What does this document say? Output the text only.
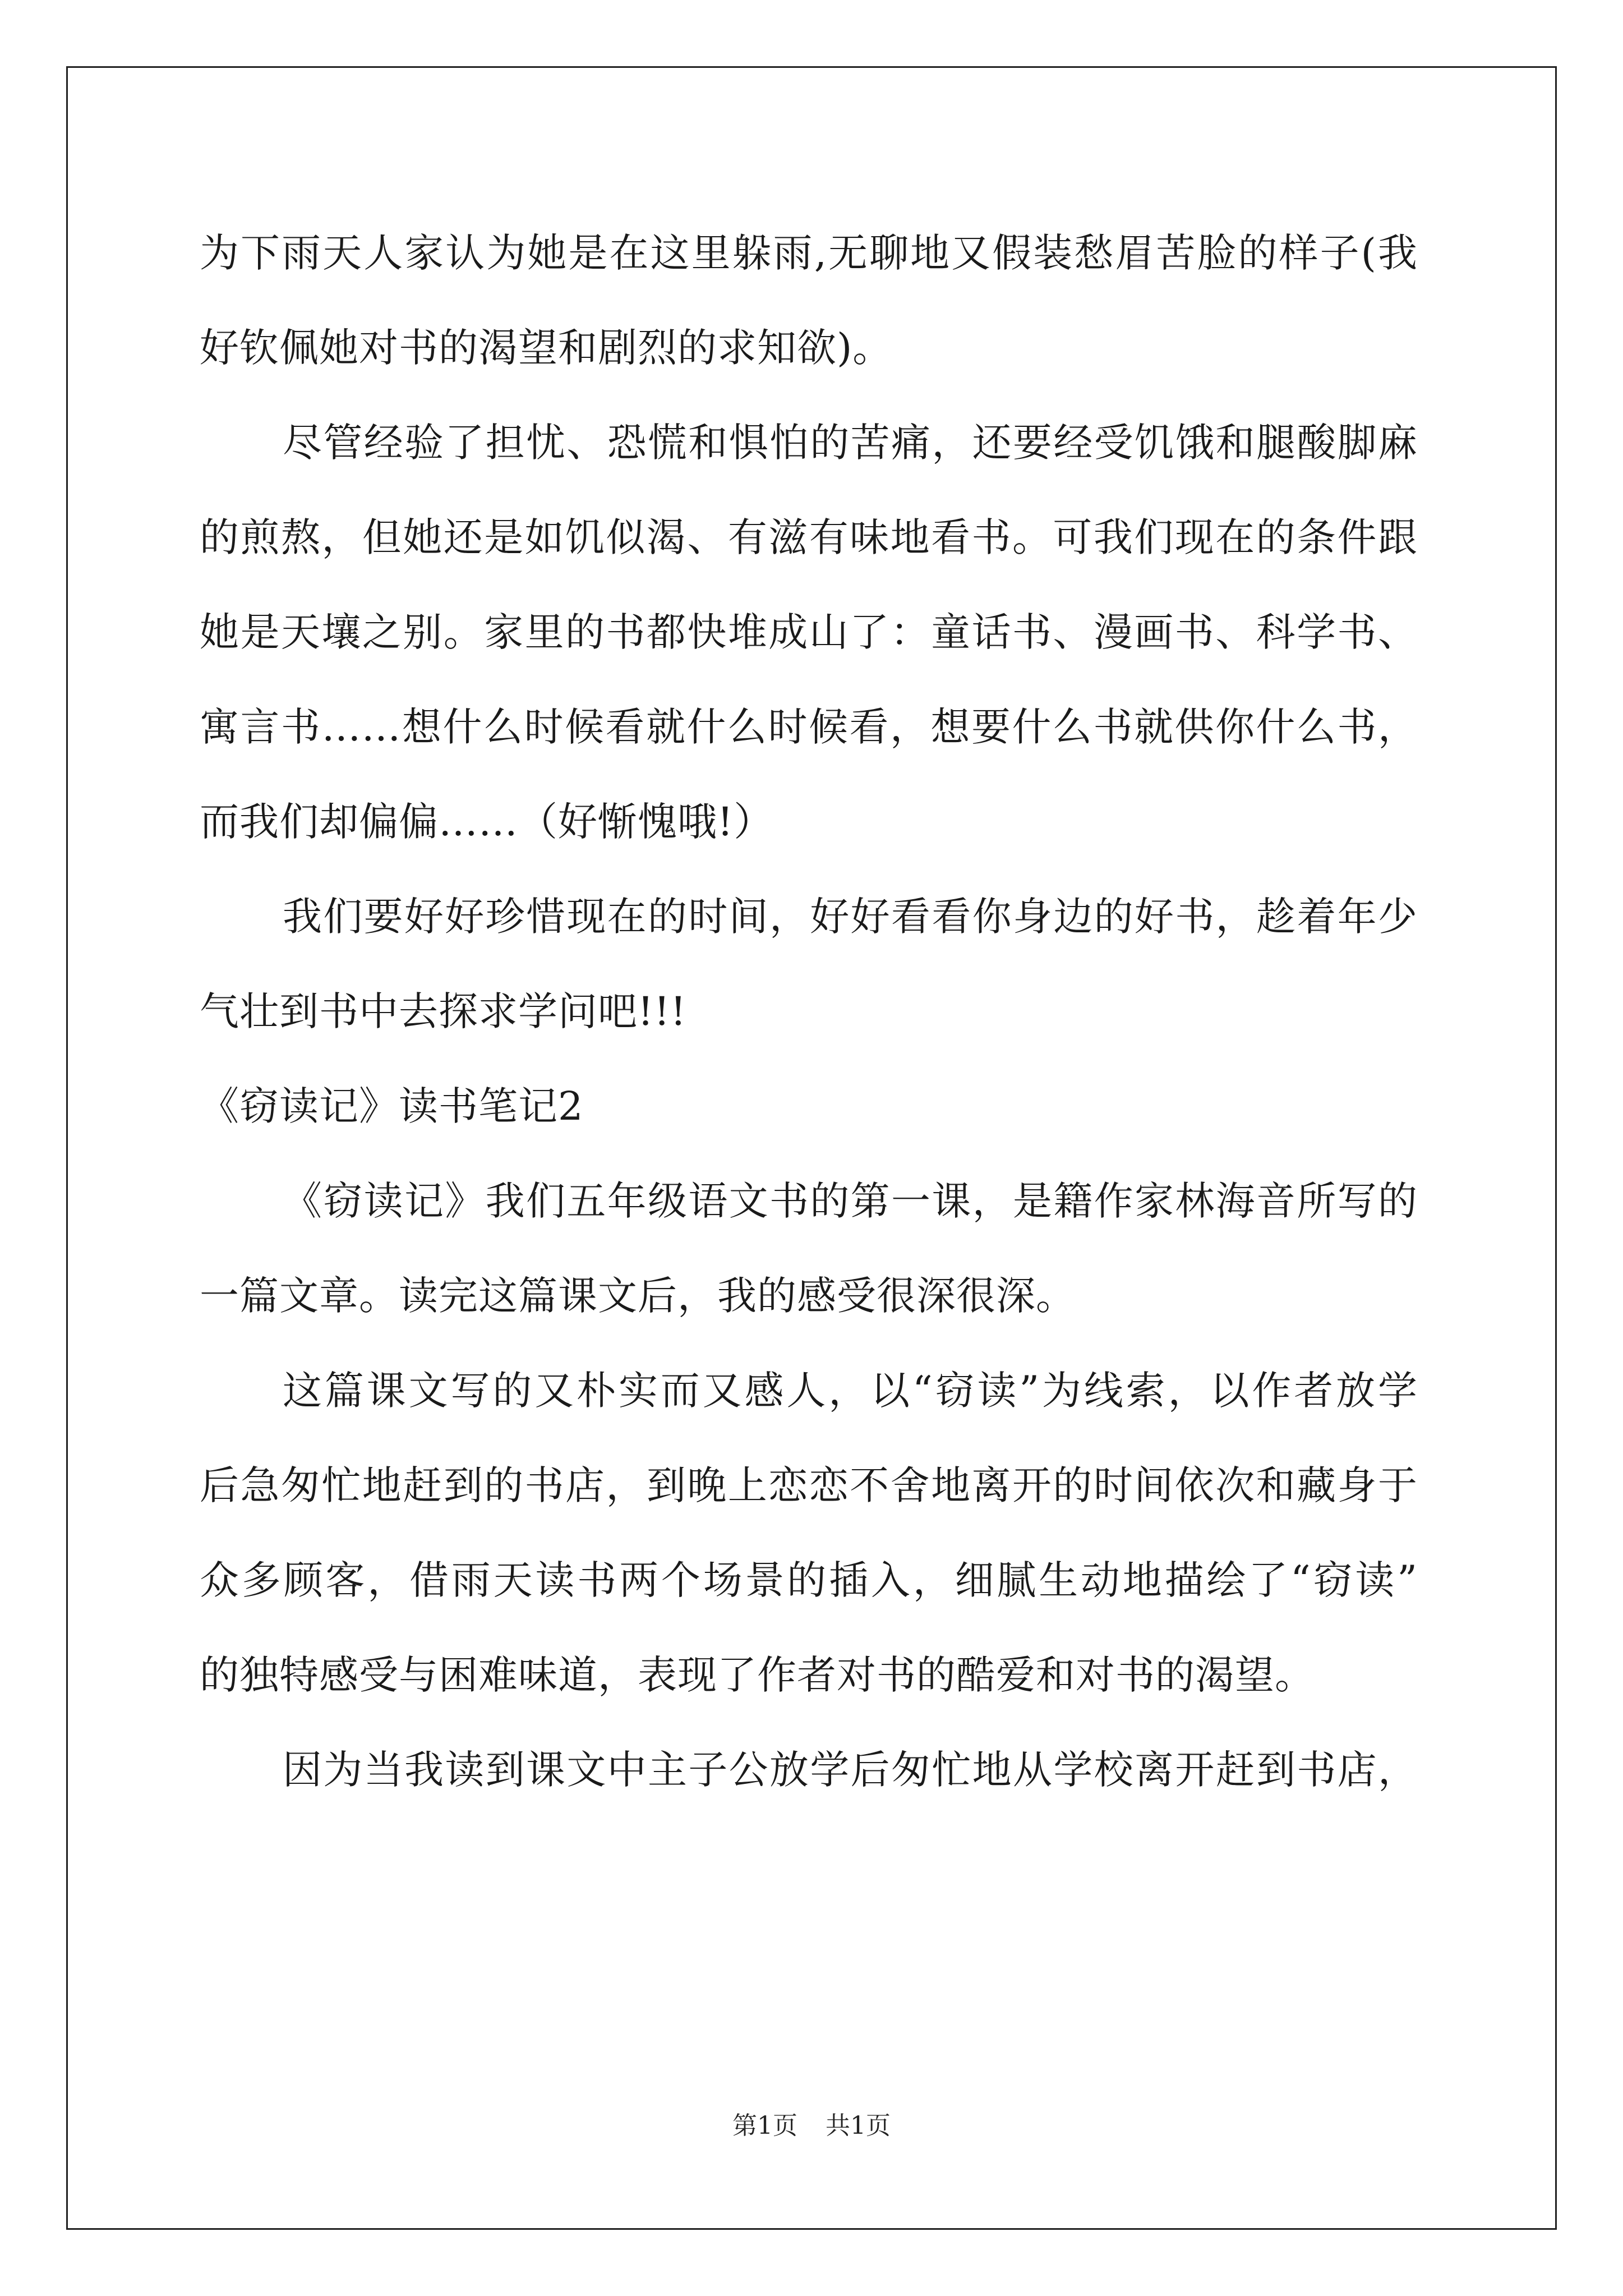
为下雨天人家认为她是在这里躲雨,无聊地又假装愁眉苦脸的样子(我
好钦佩她对书的渴望和剧烈的求知欲)。
尽管经验了担忧、恐慌和惧怕的苦痛，还要经受饥饿和腿酸脚麻
的煎熬，但她还是如饥似渴、有滋有味地看书。可我们现在的条件跟
她是天壤之别。家里的书都快堆成山了：童话书、漫画书、科学书、
寓言书……想什么时候看就什么时候看，想要什么书就供你什么书，
而我们却偏偏……（好惭愧哦!）
我们要好好珍惜现在的时间，好好看看你身边的好书，趁着年少
气壮到书中去探求学问吧!!!
《窃读记》读书笔记2
《窃读记》我们五年级语文书的第一课，是籍作家林海音所写的
一篇文章。读完这篇课文后，我的感受很深很深。
这篇课文写的又朴实而又感人，以“窃读”为线索，以作者放学
后急匆忙地赶到的书店，到晚上恋恋不舍地离开的时间依次和藏身于
众多顾客，借雨天读书两个场景的插入，细腻生动地描绘了“窃读”
的独特感受与困难味道，表现了作者对书的酷爱和对书的渴望。
因为当我读到课文中主子公放学后匆忙地从学校离开赶到书店，
第1页 共1页
